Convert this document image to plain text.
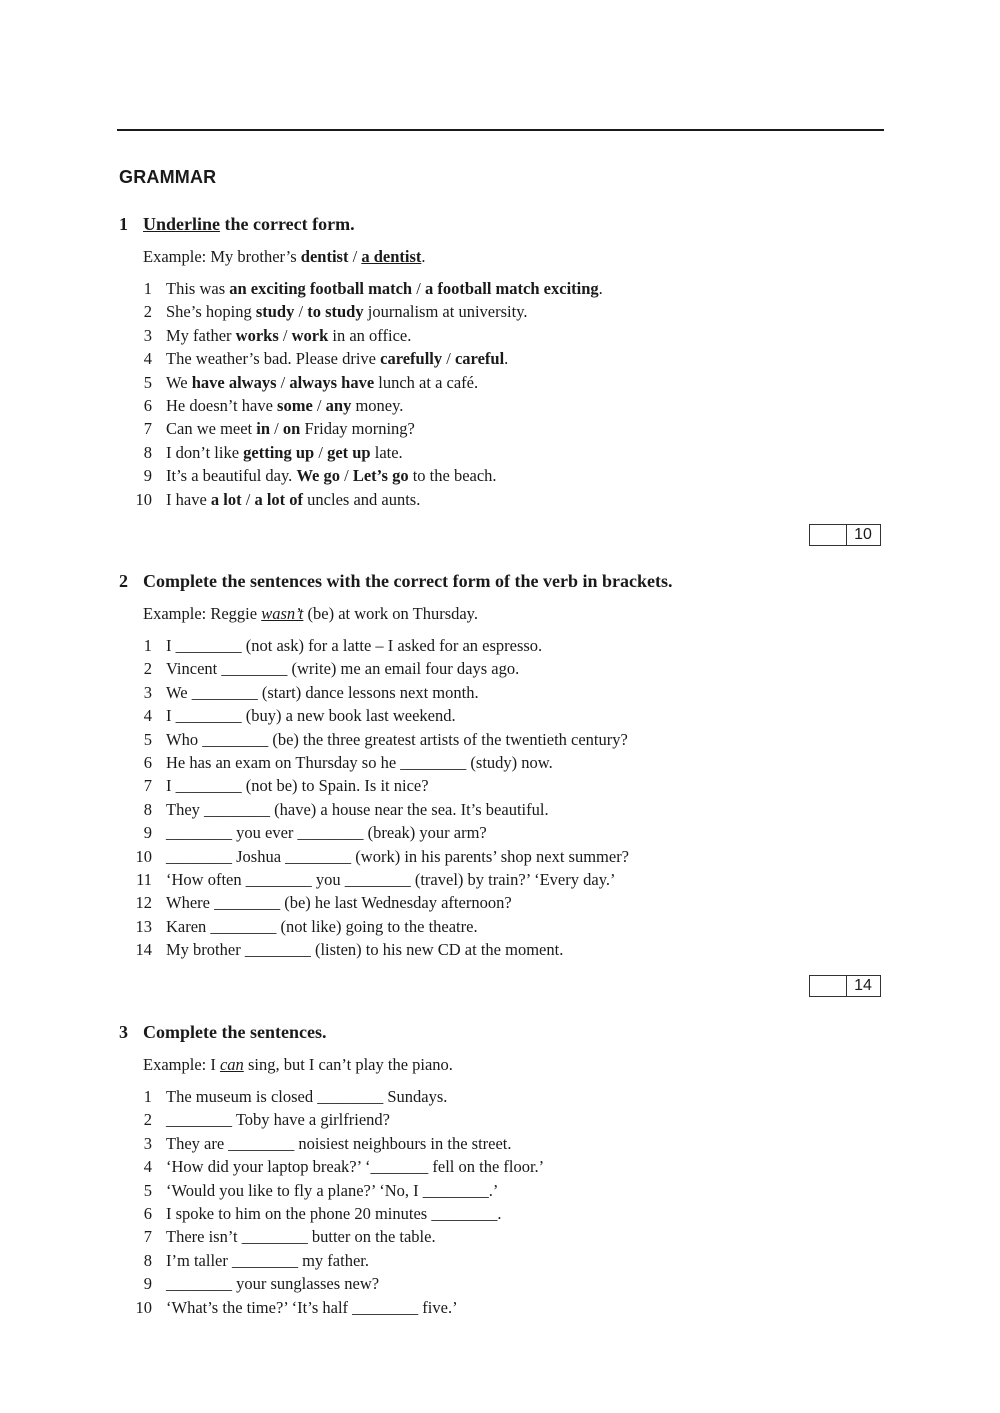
GRAMMAR
1 Underline the correct form.
Example: My brother’s dentist / a dentist.
1 This was an exciting football match / a football match exciting.
2 She’s hoping study / to study journalism at university.
3 My father works / work in an office.
4 The weather’s bad. Please drive carefully / careful.
5 We have always / always have lunch at a café.
6 He doesn’t have some / any money.
7 Can we meet in / on Friday morning?
8 I don’t like getting up / get up late.
9 It’s a beautiful day. We go / Let’s go to the beach.
10 I have a lot / a lot of uncles and aunts.
10
2 Complete the sentences with the correct form of the verb in brackets.
Example: Reggie wasn’t (be) at work on Thursday.
1 I ________ (not ask) for a latte – I asked for an espresso.
2 Vincent ________ (write) me an email four days ago.
3 We ________ (start) dance lessons next month.
4 I ________ (buy) a new book last weekend.
5 Who ________ (be) the three greatest artists of the twentieth century?
6 He has an exam on Thursday so he ________ (study) now.
7 I ________ (not be) to Spain. Is it nice?
8 They ________ (have) a house near the sea. It’s beautiful.
9 ________ you ever ________ (break) your arm?
10 ________ Joshua ________ (work) in his parents’ shop next summer?
11 ‘How often ________ you ________ (travel) by train?’ ‘Every day.’
12 Where ________ (be) he last Wednesday afternoon?
13 Karen ________ (not like) going to the theatre.
14 My brother ________ (listen) to his new CD at the moment.
14
3 Complete the sentences.
Example: I can sing, but I can’t play the piano.
1 The museum is closed ________ Sundays.
2 ________ Toby have a girlfriend?
3 They are ________ noisiest neighbours in the street.
4 ‘How did your laptop break?’ ‘_______ fell on the floor.’
5 ‘Would you like to fly a plane?’ ‘No, I ________.’
6 I spoke to him on the phone 20 minutes ________.
7 There isn’t ________ butter on the table.
8 I’m taller ________ my father.
9 ________ your sunglasses new?
10 ‘What’s the time?’ ‘It’s half ________ five.’
